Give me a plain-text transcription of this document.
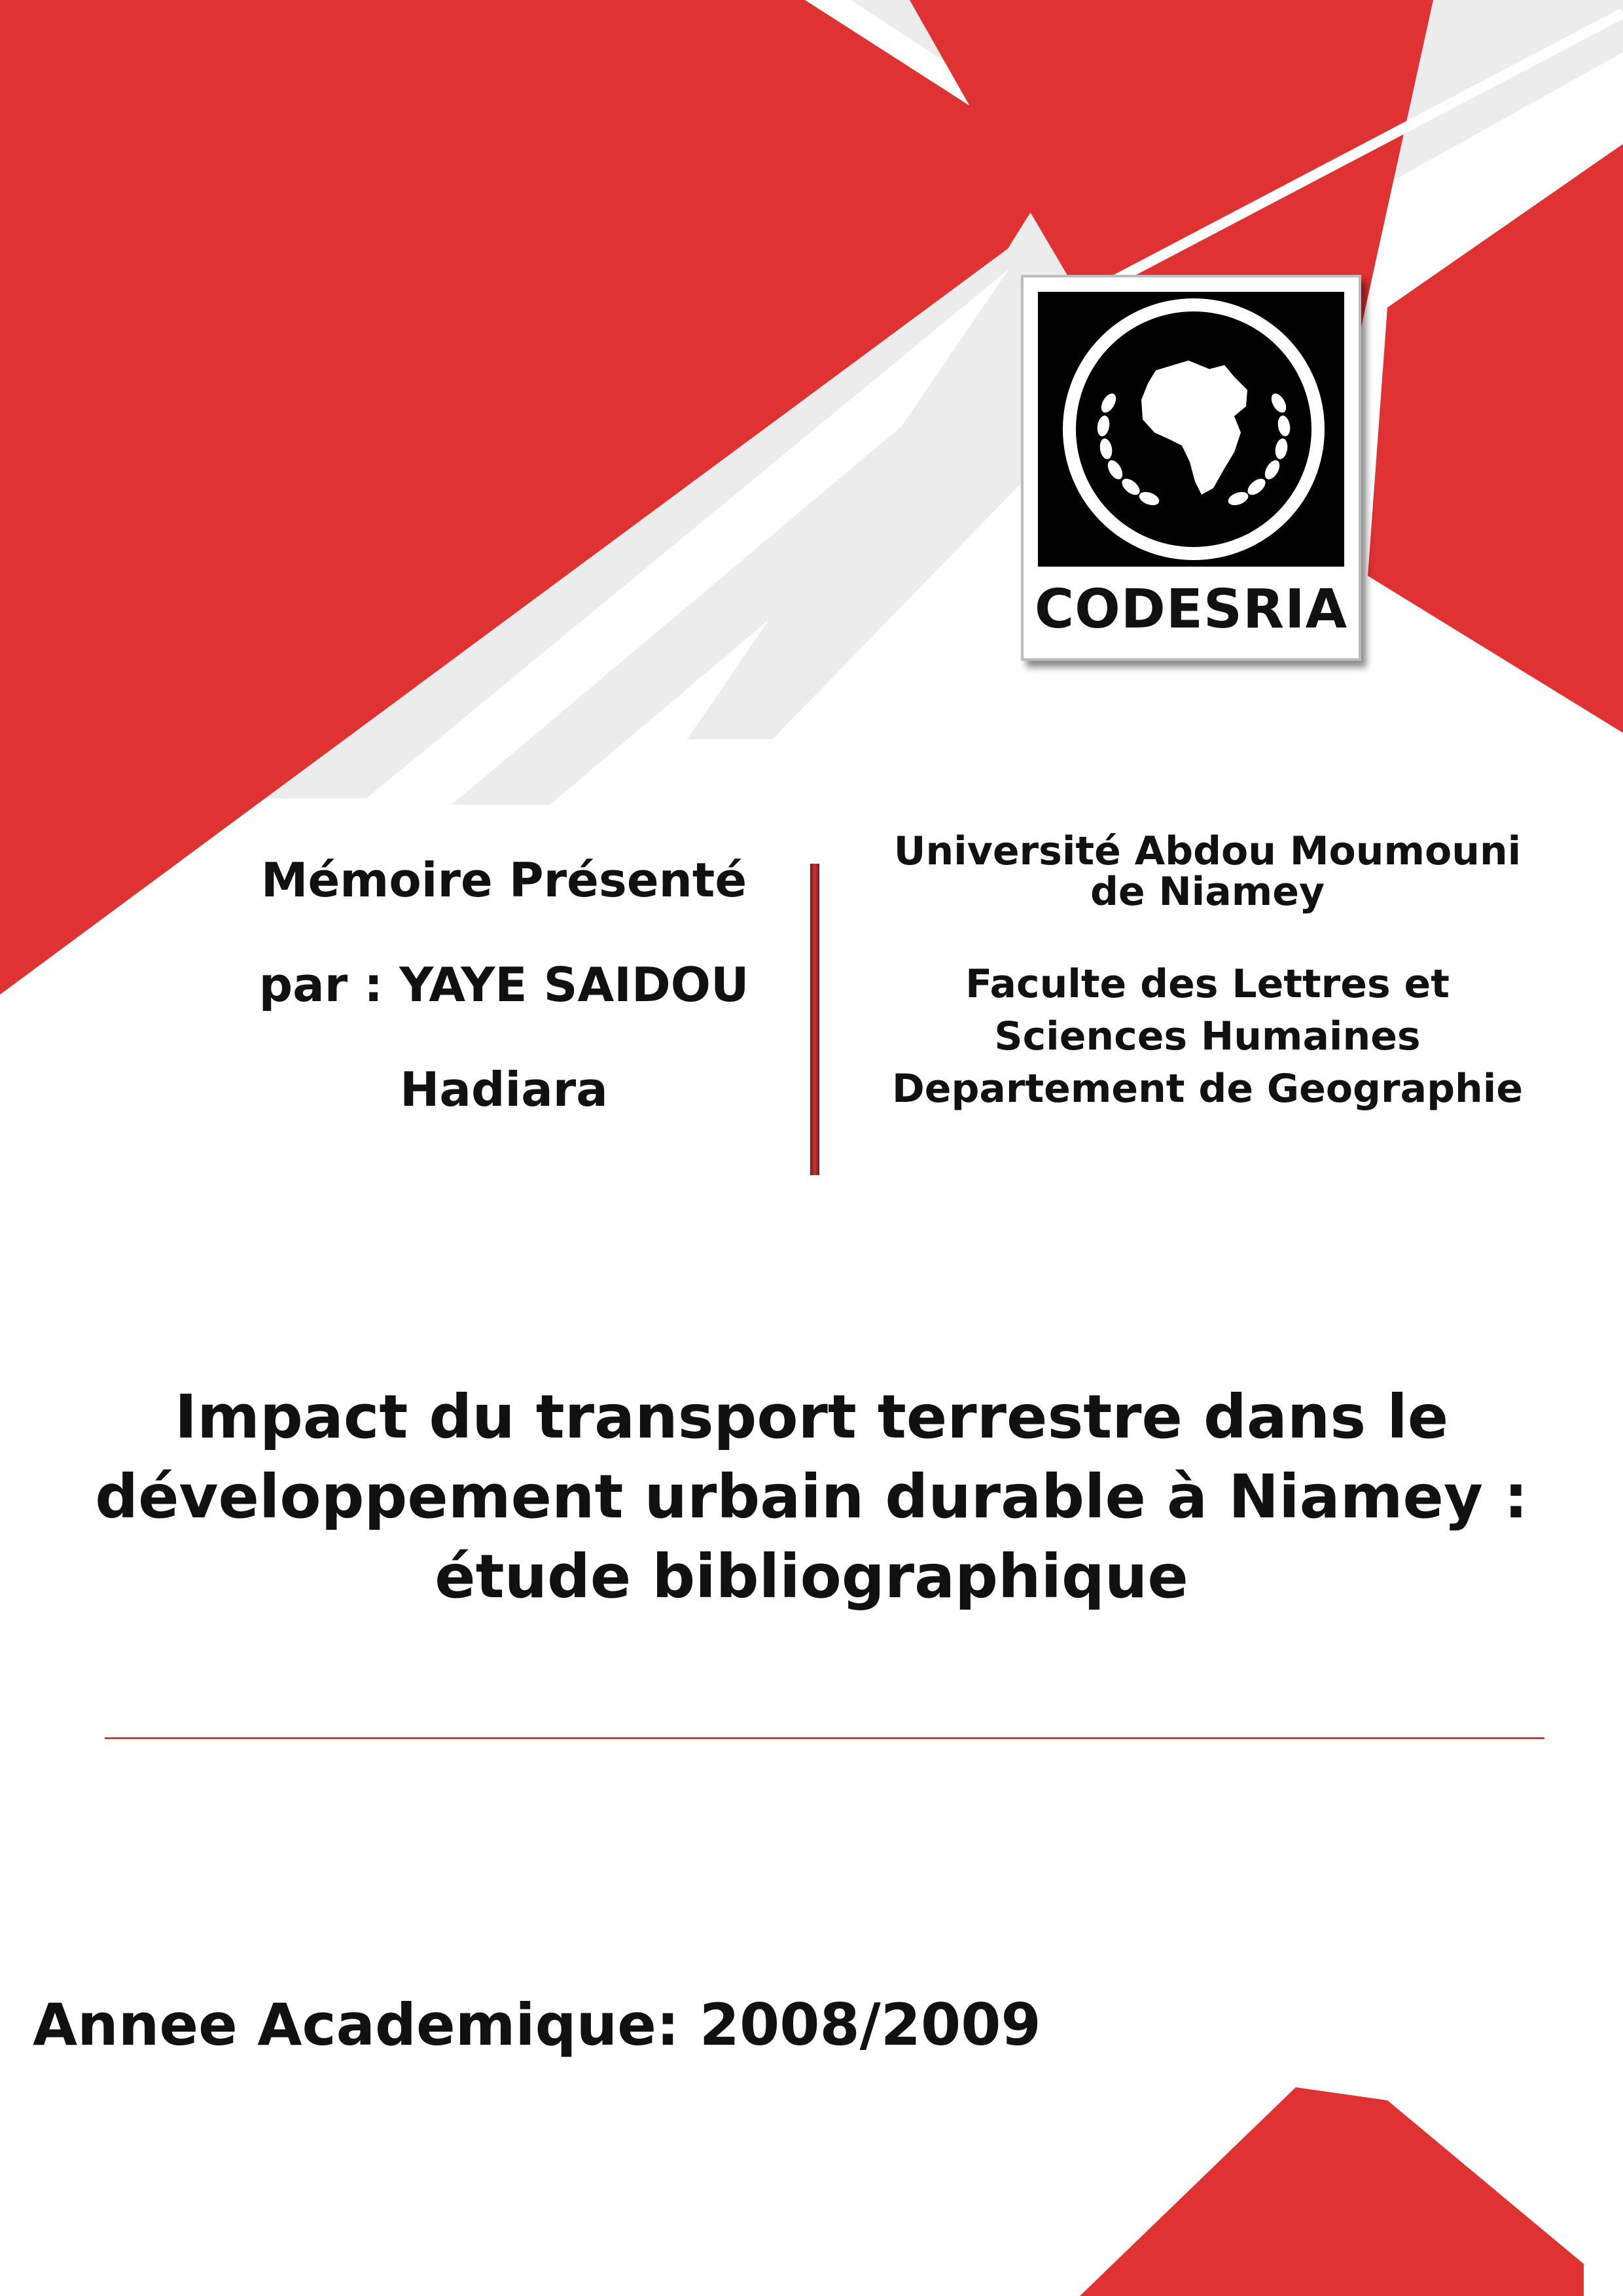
CODESRIA
Mémoire Présenté
par : YAYE SAIDOU
Hadiara
Université Abdou Moumouni
de Niamey
Faculte des Lettres et
Sciences Humaines
Departement de Geographie
Impact du transport terrestre dans le
développement urbain durable à Niamey :
étude bibliographique
Annee Academique: 2008/2009
